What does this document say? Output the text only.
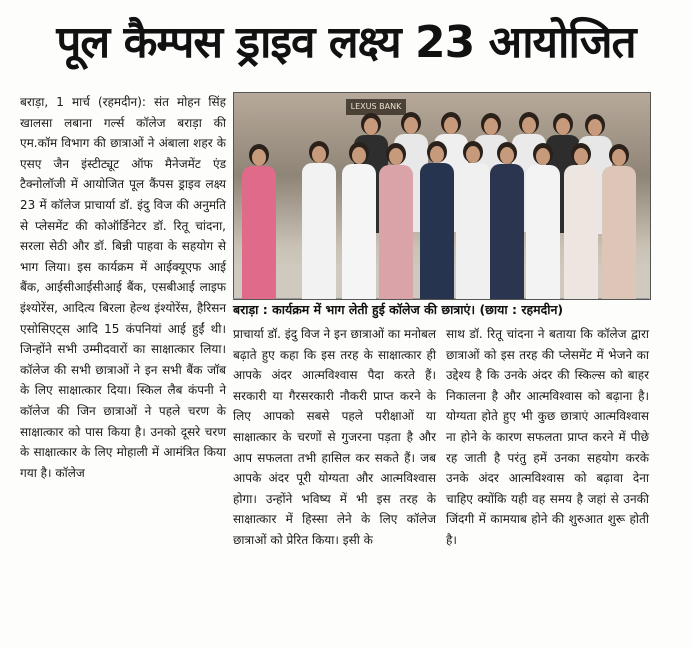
पूल कैम्पस ड्राइव लक्ष्य 23 आयोजित

बराड़ा, 1 मार्च (रहमदीन): संत मोहन सिंह खालसा लबाना गर्ल्स कॉलेज बराड़ा की एम.कॉम विभाग की छात्राओं ने अंबाला शहर के एसए जैन इंस्टीट्यूट ऑफ मैनेजमेंट एंड टैक्नोलॉजी में आयोजित पूल कैंपस ड्राइव लक्ष्य 23 में कॉलेज प्राचार्या डॉ. इंदु विज की अनुमति से प्लेसमेंट की कोऑर्डिनेटर डॉ. रितू चांदना, सरला सेठी और डॉ. बिन्नी पाहवा के सहयोग से भाग लिया। इस कार्यक्रम में आईक्यूएफ आई बैंक, आईसीआईसीआई बैंक, एसबीआई लाइफ इंश्योरेंस, आदित्य बिरला हेल्थ इंश्योरेंस, हैरिसन एसोसिएट्स आदि 15 कंपनियां आई हुईं थी। जिन्होंने सभी उम्मीदवारों का साक्षात्कार लिया। कॉलेज की सभी छात्राओं ने इन सभी बैंक जॉब के लिए साक्षात्कार दिया। स्किल लैब कंपनी ने कॉलेज की जिन छात्राओं ने पहले चरण के साक्षात्कार को पास किया है। उनको दूसरे चरण के साक्षात्कार के लिए मोहाली में आमंत्रित किया गया है। कॉलेज

LEXUS BANK
बराड़ा : कार्यक्रम में भाग लेती हुई कॉलेज की छात्राएं। (छाया : रहमदीन)

प्राचार्या डॉ. इंदु विज ने इन छात्राओं का मनोबल बढ़ाते हुए कहा कि इस तरह के साक्षात्कार ही आपके अंदर आत्मविश्वास पैदा करते हैं। सरकारी या गैरसरकारी नौकरी प्राप्त करने के लिए आपको सबसे पहले परीक्षाओं या साक्षात्कार के चरणों से गुजरना पड़ता है और आप सफलता तभी हासिल कर सकते हैं। जब आपके अंदर पूरी योग्यता और आत्मविश्वास होगा। उन्होंने भविष्य में भी इस तरह के साक्षात्कार में हिस्सा लेने के लिए कॉलेज छात्राओं को प्रेरित किया। इसी के

साथ डॉ. रितू चांदना ने बताया कि कॉलेज द्वारा छात्राओं को इस तरह की प्लेसमेंट में भेजने का उद्देश्य है कि उनके अंदर की स्किल्स को बाहर निकालना है और आत्मविश्वास को बढ़ाना है। योग्यता होते हुए भी कुछ छात्राएं आत्मविश्वास ना होने के कारण सफलता प्राप्त करने में पीछे रह जाती है परंतु हमें उनका सहयोग करके उनके अंदर आत्मविश्वास को बढ़ावा देना चाहिए क्योंकि यही वह समय है जहां से उनकी जिंदगी में कामयाब होने की शुरुआत शुरू होती है।
